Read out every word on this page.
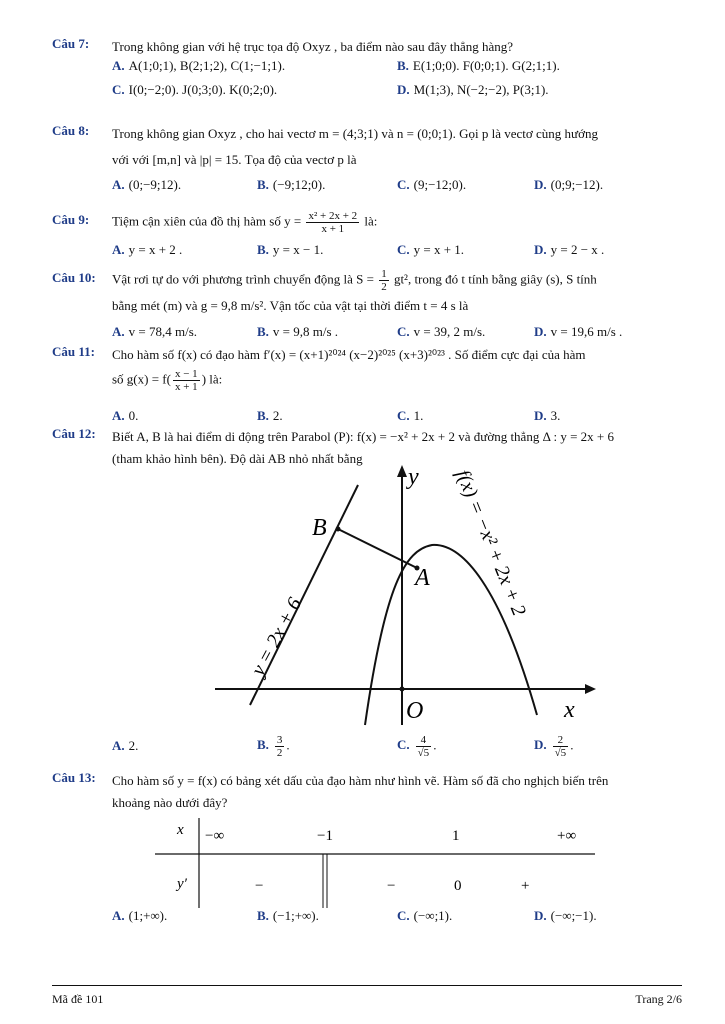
Câu 7: Trong không gian với hệ trục tọa độ Oxyz , ba điểm nào sau đây thẳng hàng?
A. A(1;0;1), B(2;1;2), C(1;−1;1).	B. E(1;0;0). F(0;0;1). G(2;1;1).
C. I(0;−2;0). J(0;3;0). K(0;2;0).	D. M(1;3), N(−2;−2), P(3;1).
Câu 8: Trong không gian Oxyz , cho hai vectơ m = (4;3;1) và n = (0;0;1). Gọi p là vectơ cùng hướng
với với [m,n] và |p| = 15. Tọa độ của vectơ p là
A. (0;−9;12).	B. (−9;12;0).	C. (9;−12;0).	D. (0;9;−12).
Câu 9: Tiệm cận xiên của đồ thị hàm số $y = \frac{\text{x² + 2x + 2}}{x + 1}$ là:
A. y = x + 2 .	B. y = x − 1.	C. y = x + 1.	D. y = 2 − x .
Câu 10: Vật rơi tự do với phương trình chuyển động là $S = \frac{1}{2} gt^2$, trong đó t tính bằng giây (s), S tính
bằng mét (m) và g = 9,8 m/s². Vận tốc của vật tại thời điểm t = 4 s là
A. v = 78,4 m/s.	B. v = 9,8 m/s .	C. v = 39, 2 m/s.	D. v = 19,6 m/s .
Câu 11: Cho hàm số f(x) có đạo hàm f′(x) = (x+1)²⁰²⁴ (x−2)²⁰²⁵ (x+3)²⁰²³ . Số điểm cực đại của hàm
số $g(x) = f( \frac{x - 1}{x + 1}$ ) là:
A. 0.	B. 2.	C. 1.	D. 3.
Câu 12: Biết A, B là hai điểm di động trên Parabol (P): f(x) = −x² + 2x + 2 và đường thẳng Δ : y = 2x + 6
(tham khảo hình bên). Độ dài AB nhỏ nhất bằng
y
x
O
B
A
y = 2x + 6
f(x) = −x² + 2x + 2
A. 2.	B. $\frac{3}{2}$ .	C. $\frac{4}{√5}$ .	D. $\frac{2}{√5}$ .
Câu 13: Cho hàm số y = f(x) có bảng xét dấu của đạo hàm như hình vẽ. Hàm số đã cho nghịch biến trên
khoảng nào dưới đây?
x
y′
−∞	−1	1	+∞
−	−	0	+
A. (1;+∞).	B. (−1;+∞).	C. (−∞;1).	D. (−∞;−1).
Mã đề 101	Trang 2/6
